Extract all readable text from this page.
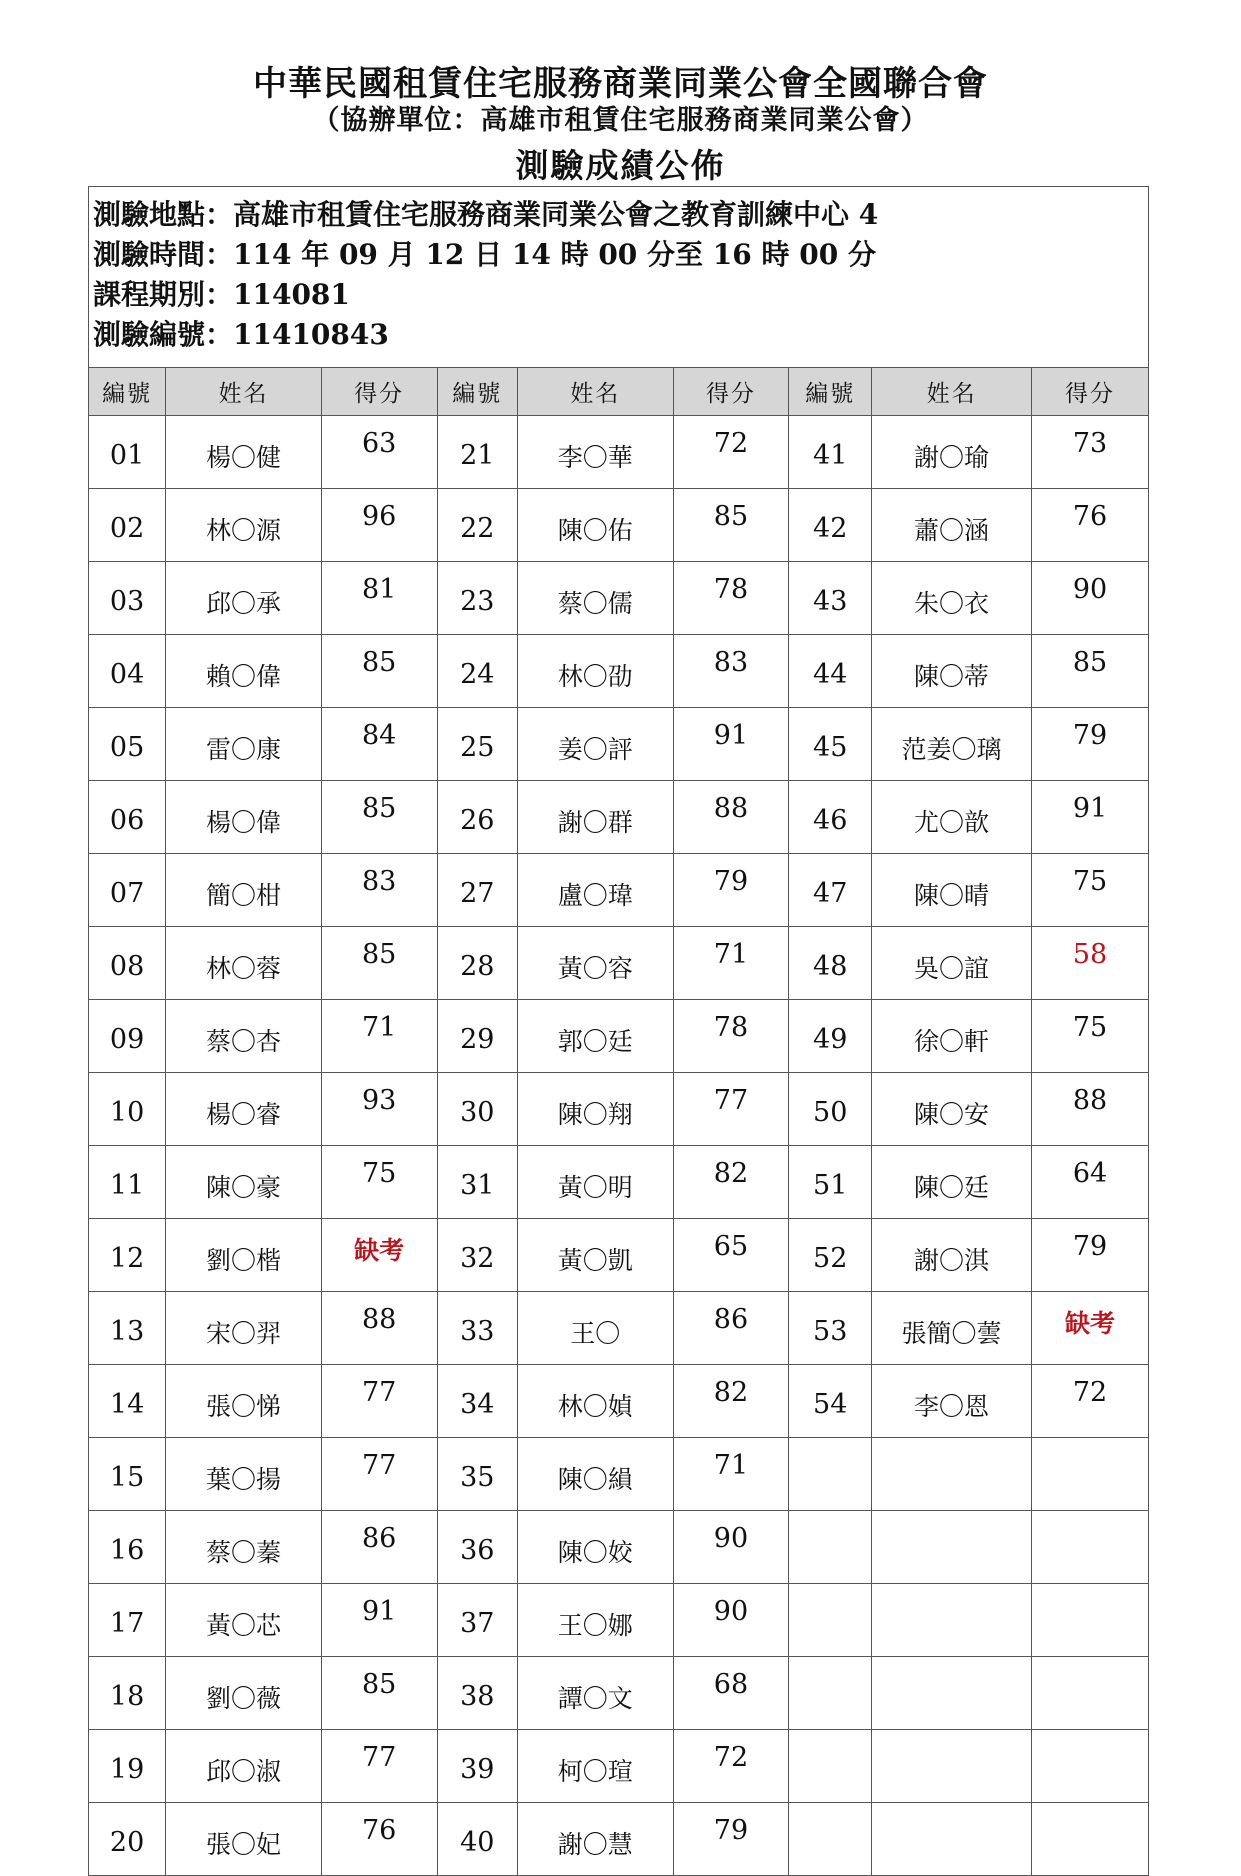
中華民國租賃住宅服務商業同業公會全國聯合會
（協辦單位：高雄市租賃住宅服務商業同業公會）
測驗成績公佈
測驗地點：高雄市租賃住宅服務商業同業公會之教育訓練中心 4
測驗時間：114 年 09 月 12 日 14 時 00 分至 16 時 00 分
課程期別：114081
測驗編號：11410843
編號	姓名	得分	編號	姓名	得分	編號	姓名	得分
01	楊〇健	63	21	李〇華	72	41	謝〇瑜	73
02	林〇源	96	22	陳〇佑	85	42	蕭〇涵	76
03	邱〇承	81	23	蔡〇儒	78	43	朱〇衣	90
04	賴〇偉	85	24	林〇劭	83	44	陳〇蒂	85
05	雷〇康	84	25	姜〇評	91	45	范姜〇璃	79
06	楊〇偉	85	26	謝〇群	88	46	尤〇歆	91
07	簡〇柑	83	27	盧〇瑋	79	47	陳〇晴	75
08	林〇蓉	85	28	黃〇容	71	48	吳〇誼	58
09	蔡〇杏	71	29	郭〇廷	78	49	徐〇軒	75
10	楊〇睿	93	30	陳〇翔	77	50	陳〇安	88
11	陳〇豪	75	31	黃〇明	82	51	陳〇廷	64
12	劉〇楷	缺考	32	黃〇凱	65	52	謝〇淇	79
13	宋〇羿	88	33	王〇	86	53	張簡〇蕓	缺考
14	張〇悌	77	34	林〇媜	82	54	李〇恩	72
15	葉〇揚	77	35	陳〇縜	71			
16	蔡〇蓁	86	36	陳〇姣	90			
17	黃〇芯	91	37	王〇娜	90			
18	劉〇薇	85	38	譚〇文	68			
19	邱〇淑	77	39	柯〇瑄	72			
20	張〇妃	76	40	謝〇慧	79			
